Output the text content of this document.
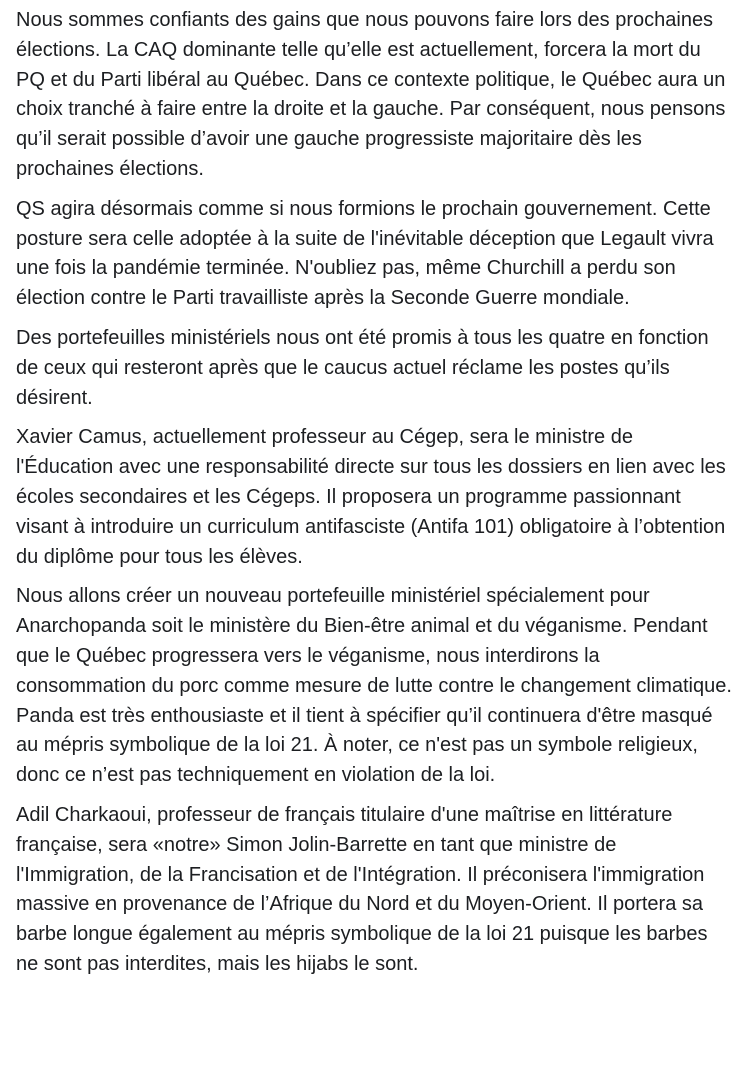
Nous sommes confiants des gains que nous pouvons faire lors des prochaines élections. La CAQ dominante telle qu’elle est actuellement, forcera la mort du PQ et du Parti libéral au Québec. Dans ce contexte politique, le Québec aura un choix tranché à faire entre la droite et la gauche. Par conséquent, nous pensons qu’il serait possible d’avoir une gauche progressiste majoritaire dès les prochaines élections.

QS agira désormais comme si nous formions le prochain gouvernement. Cette posture sera celle adoptée à la suite de l'inévitable déception que Legault vivra une fois la pandémie terminée. N'oubliez pas, même Churchill a perdu son élection contre le Parti travailliste après la Seconde Guerre mondiale.

Des portefeuilles ministériels nous ont été promis à tous les quatre en fonction de ceux qui resteront après que le caucus actuel réclame les postes qu’ils désirent.

Xavier Camus, actuellement professeur au Cégep, sera le ministre de l'Éducation avec une responsabilité directe sur tous les dossiers en lien avec les écoles secondaires et les Cégeps. Il proposera un programme passionnant visant à introduire un curriculum antifasciste (Antifa 101) obligatoire à l’obtention du diplôme pour tous les élèves.

Nous allons créer un nouveau portefeuille ministériel spécialement pour Anarchopanda soit le ministère du Bien-être animal et du véganisme. Pendant que le Québec progressera vers le véganisme, nous interdirons la consommation du porc comme mesure de lutte contre le changement climatique. Panda est très enthousiaste et il tient à spécifier qu’il continuera d'être masqué au mépris symbolique de la loi 21. À noter, ce n'est pas un symbole religieux, donc ce n’est pas techniquement en violation de la loi.

Adil Charkaoui, professeur de français titulaire d'une maîtrise en littérature française, sera «notre» Simon Jolin-Barrette en tant que ministre de l'Immigration, de la Francisation et de l'Intégration. Il préconisera l'immigration massive en provenance de l’Afrique du Nord et du Moyen-Orient. Il portera sa barbe longue également au mépris symbolique de la loi 21 puisque les barbes ne sont pas interdites, mais les hijabs le sont.
